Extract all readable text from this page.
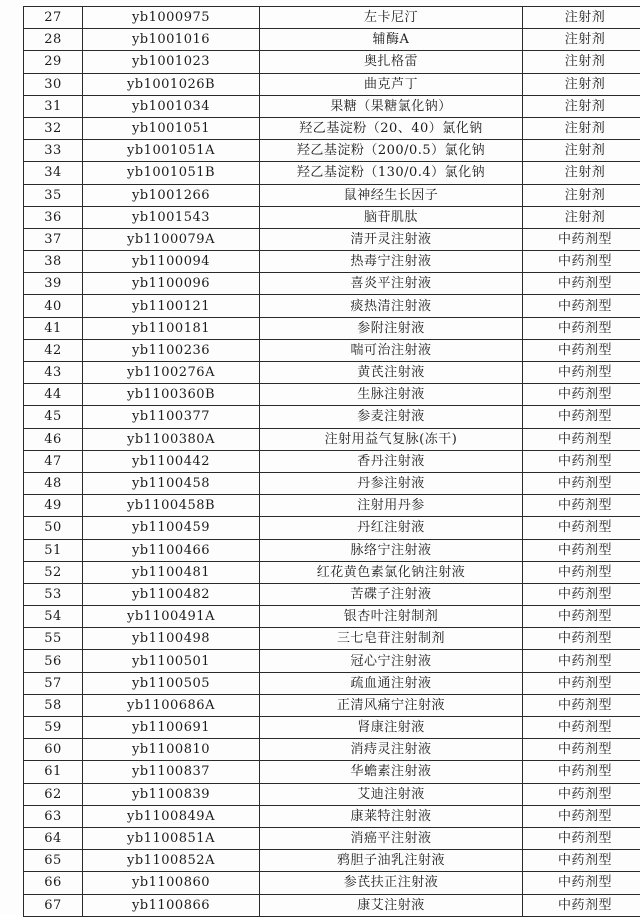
27	yb1000975	左卡尼汀	注射剂
28	yb1001016	辅酶A	注射剂
29	yb1001023	奥扎格雷	注射剂
30	yb1001026B	曲克芦丁	注射剂
31	yb1001034	果糖（果糖氯化钠）	注射剂
32	yb1001051	羟乙基淀粉（20、40）氯化钠	注射剂
33	yb1001051A	羟乙基淀粉（200/0.5）氯化钠	注射剂
34	yb1001051B	羟乙基淀粉（130/0.4）氯化钠	注射剂
35	yb1001266	鼠神经生长因子	注射剂
36	yb1001543	脑苷肌肽	注射剂
37	yb1100079A	清开灵注射液	中药剂型
38	yb1100094	热毒宁注射液	中药剂型
39	yb1100096	喜炎平注射液	中药剂型
40	yb1100121	痰热清注射液	中药剂型
41	yb1100181	参附注射液	中药剂型
42	yb1100236	喘可治注射液	中药剂型
43	yb1100276A	黄芪注射液	中药剂型
44	yb1100360B	生脉注射液	中药剂型
45	yb1100377	参麦注射液	中药剂型
46	yb1100380A	注射用益气复脉(冻干)	中药剂型
47	yb1100442	香丹注射液	中药剂型
48	yb1100458	丹参注射液	中药剂型
49	yb1100458B	注射用丹参	中药剂型
50	yb1100459	丹红注射液	中药剂型
51	yb1100466	脉络宁注射液	中药剂型
52	yb1100481	红花黄色素氯化钠注射液	中药剂型
53	yb1100482	苦碟子注射液	中药剂型
54	yb1100491A	银杏叶注射制剂	中药剂型
55	yb1100498	三七皂苷注射制剂	中药剂型
56	yb1100501	冠心宁注射液	中药剂型
57	yb1100505	疏血通注射液	中药剂型
58	yb1100686A	正清风痛宁注射液	中药剂型
59	yb1100691	肾康注射液	中药剂型
60	yb1100810	消痔灵注射液	中药剂型
61	yb1100837	华蟾素注射液	中药剂型
62	yb1100839	艾迪注射液	中药剂型
63	yb1100849A	康莱特注射液	中药剂型
64	yb1100851A	消癌平注射液	中药剂型
65	yb1100852A	鸦胆子油乳注射液	中药剂型
66	yb1100860	参芪扶正注射液	中药剂型
67	yb1100866	康艾注射液	中药剂型
